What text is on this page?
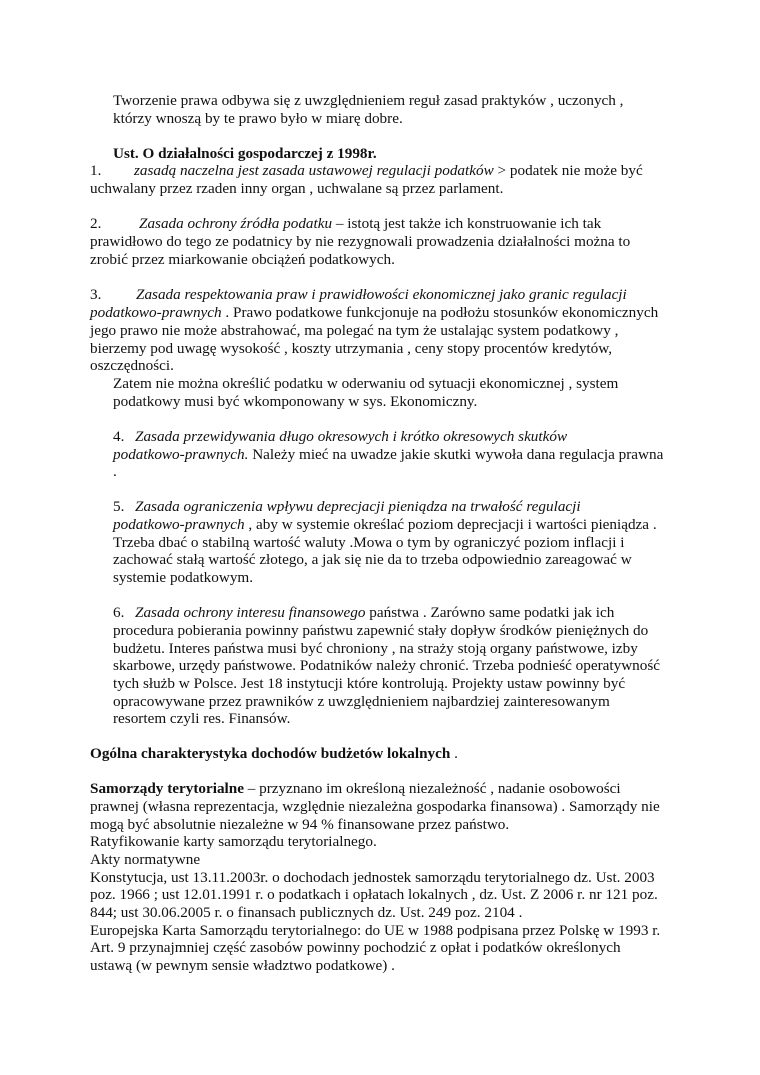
Tworzenie prawa odbywa się z uwzględnieniem reguł zasad praktyków , uczonych ,
którzy wnoszą by te prawo było w miarę dobre.
Ust. O działalności gospodarczej z 1998r.
1. zasadą naczelna jest zasada ustawowej regulacji podatków > podatek nie może być
uchwalany przez rzaden inny organ , uchwalane są przez parlament.
2. Zasada ochrony źródła podatku – istotą jest także ich konstruowanie ich tak
prawidłowo do tego ze podatnicy by nie rezygnowali prowadzenia działalności można to
zrobić przez miarkowanie obciążeń podatkowych.
3. Zasada respektowania praw i prawidłowości ekonomicznej jako granic regulacji
podatkowo-prawnych . Prawo podatkowe funkcjonuje na podłożu stosunków ekonomicznych
jego prawo nie może abstrahować, ma polegać na tym że ustalając system podatkowy ,
bierzemy pod uwagę wysokość , koszty utrzymania , ceny stopy procentów kredytów,
oszczędności.
Zatem nie można określić podatku w oderwaniu od sytuacji ekonomicznej , system
podatkowy musi być wkomponowany w sys. Ekonomiczny.
4. Zasada przewidywania długo okresowych i krótko okresowych skutków
podatkowo-prawnych. Należy mieć na uwadze jakie skutki wywoła dana regulacja prawna
.
5. Zasada ograniczenia wpływu deprecjacji pieniądza na trwałość regulacji
podatkowo-prawnych , aby w systemie określać poziom deprecjacji i wartości pieniądza .
Trzeba dbać o stabilną wartość waluty .Mowa o tym by ograniczyć poziom inflacji i
zachować stałą wartość złotego, a jak się nie da to trzeba odpowiednio zareagować w
systemie podatkowym.
6. Zasada ochrony interesu finansowego państwa . Zarówno same podatki jak ich
procedura pobierania powinny państwu zapewnić stały dopływ środków pieniężnych do
budżetu. Interes państwa musi być chroniony , na straży stoją organy państwowe, izby
skarbowe, urzędy państwowe. Podatników należy chronić. Trzeba podnieść operatywność
tych służb w Polsce. Jest 18 instytucji które kontrolują. Projekty ustaw powinny być
opracowywane przez prawników z uwzględnieniem najbardziej zainteresowanym
resortem czyli res. Finansów.
Ogólna charakterystyka dochodów budżetów lokalnych .
Samorządy terytorialne – przyznano im określoną niezależność , nadanie osobowości
prawnej (własna reprezentacja, względnie niezależna gospodarka finansowa) . Samorządy nie
mogą być absolutnie niezależne w 94 % finansowane przez państwo.
Ratyfikowanie karty samorządu terytorialnego.
Akty normatywne
Konstytucja, ust 13.11.2003r. o dochodach jednostek samorządu terytorialnego dz. Ust. 2003
poz. 1966 ; ust 12.01.1991 r. o podatkach i opłatach lokalnych , dz. Ust. Z 2006 r. nr 121 poz.
844; ust 30.06.2005 r. o finansach publicznych dz. Ust. 249 poz. 2104 .
Europejska Karta Samorządu terytorialnego: do UE w 1988 podpisana przez Polskę w 1993 r.
Art. 9 przynajmniej część zasobów powinny pochodzić z opłat i podatków określonych
ustawą (w pewnym sensie władztwo podatkowe) .
